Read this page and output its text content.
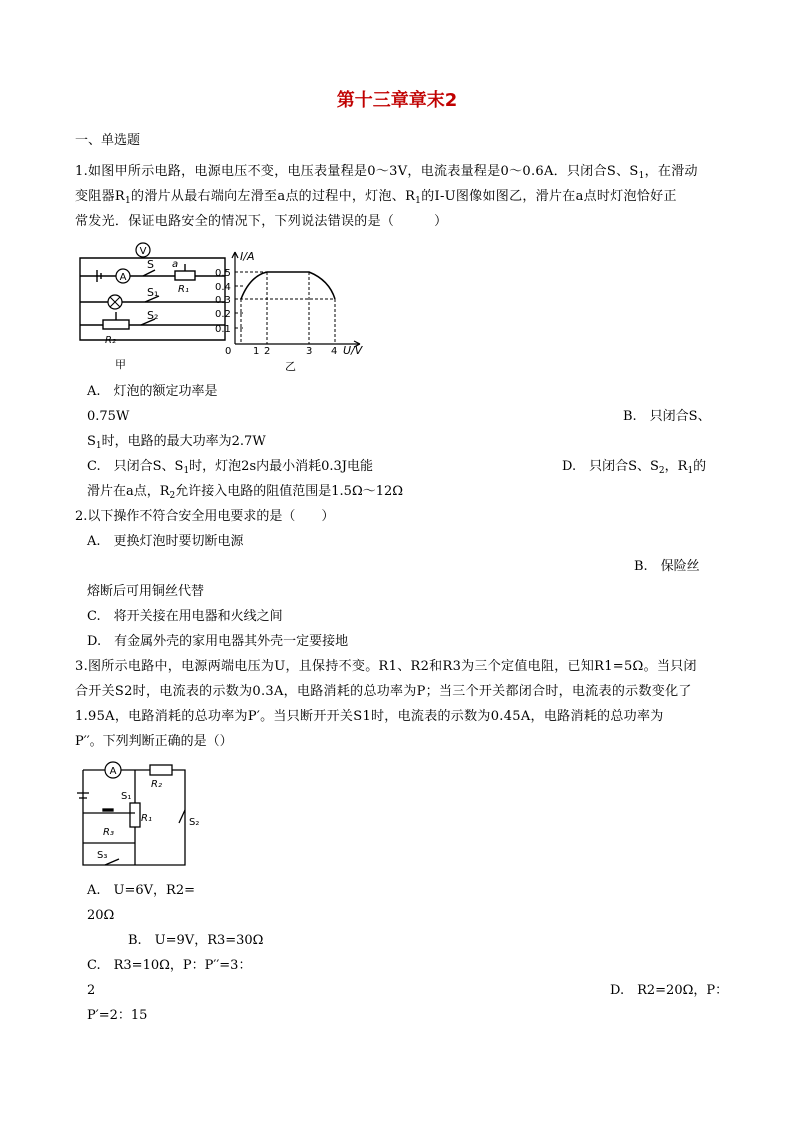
第十三章章末2
一、单选题
1.如图甲所示电路，电源电压不变，电压表量程是0～3V，电流表量程是0～0.6A．只闭合S、$S_1$，在滑动
变阻器$R_1$的滑片从最右端向左滑至a点的过程中，灯泡、$R_1$的I-U图像如图乙，滑片在a点时灯泡恰好正
常发光．保证电路安全的情况下，下列说法错误的是（　　　）
V
A
S a
R₁
S₁
R₂
S₂
甲
I/A
0.5
0.4
0.3
0.2
0.1
0 1 2	3 4 U/V
乙
A.　灯泡的额定功率是
0.75W	B.　只闭合S、
$S_1$时，电路的最大功率为2.7W
C.　只闭合S、$S_1$时，灯泡2s内最小消耗0.3J电能	D.　只闭合S、$S_2$，$R_1$的
滑片在a点，$R_2$允许接入电路的阻值范围是1.5Ω～12Ω
2.以下操作不符合安全用电要求的是（　　）
A.　更换灯泡时要切断电源
B.　保险丝
熔断后可用铜丝代替
C.　将开关接在用电器和火线之间
D.　有金属外壳的家用电器其外壳一定要接地
3.图所示电路中，电源两端电压为U，且保持不变。R1、R2和R3为三个定值电阻，已知R1=5Ω。当只闭
合开关S2时，电流表的示数为0.3A，电路消耗的总功率为P；当三个开关都闭合时，电流表的示数变化了
1.95A，电路消耗的总功率为P′。当只断开开关S1时，电流表的示数为0.45A，电路消耗的总功率为
P′′。下列判断正确的是（）
A
R₂
S₁
R₁	S₂
R₃
S₃
A.　U=6V，R2=
20Ω
B.　U=9V，R3=30Ω
C.　R3=10Ω，P：P′′=3：
2	D.　R2=20Ω，P：
P′=2：15
